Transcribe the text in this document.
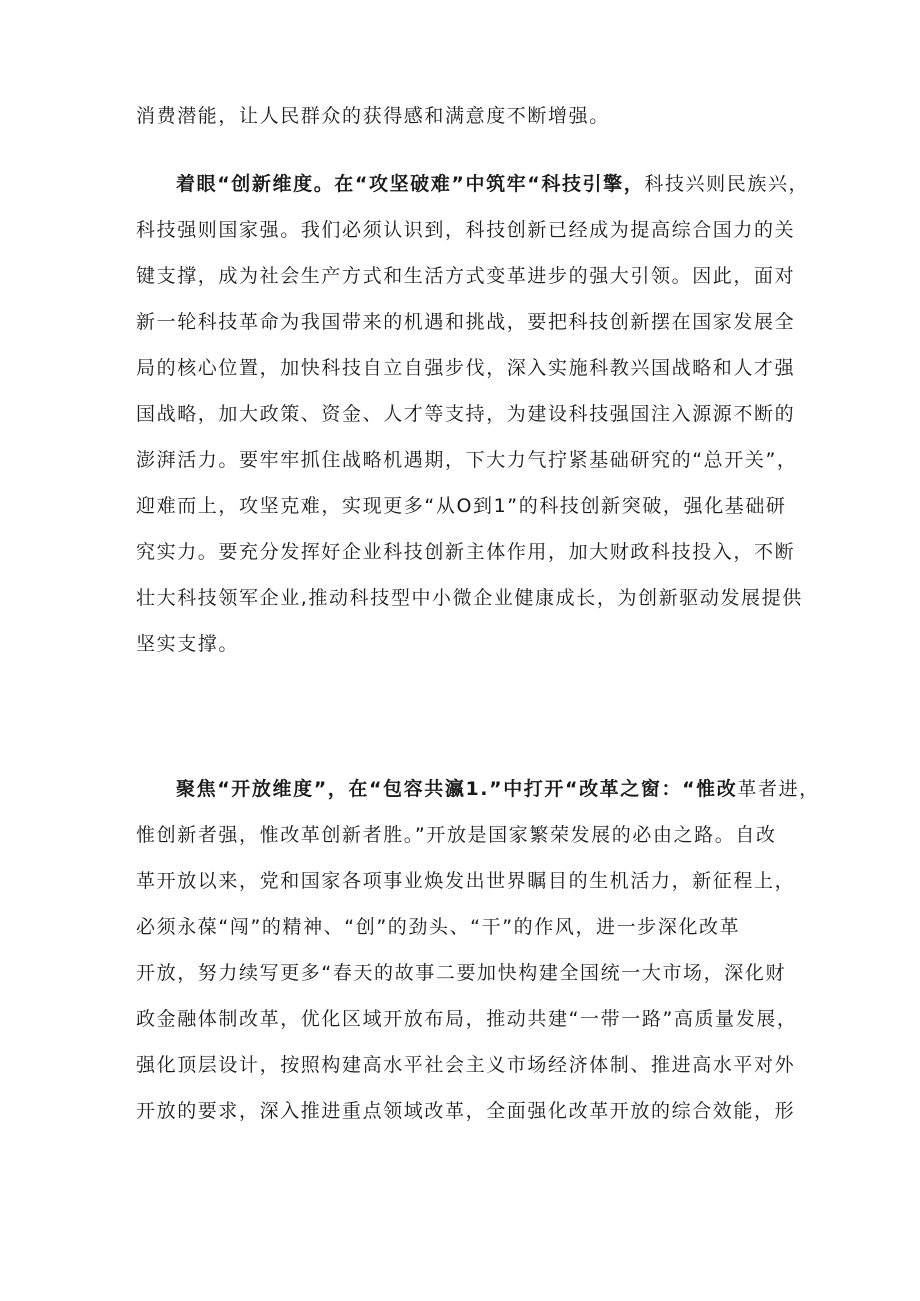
消费潜能，让人民群众的获得感和满意度不断增强。
着眼“创新维度。在“攻坚破难”中筑牢“科技引擎，科技兴则民族兴，
科技强则国家强。我们必须认识到，科技创新已经成为提高综合国力的关
键支撑，成为社会生产方式和生活方式变革进步的强大引领。因此，面对
新一轮科技革命为我国带来的机遇和挑战，要把科技创新摆在国家发展全
局的核心位置，加快科技自立自强步伐，深入实施科教兴国战略和人才强
国战略，加大政策、资金、人才等支持，为建设科技强国注入源源不断的
澎湃活力。要牢牢抓住战略机遇期，下大力气拧紧基础研究的“总开关”，
迎难而上，攻坚克难，实现更多“从O到1”的科技创新突破，强化基础研
究实力。要充分发挥好企业科技创新主体作用，加大财政科技投入，不断
壮大科技领军企业,推动科技型中小微企业健康成长，为创新驱动发展提供
坚实支撑。
聚焦“开放维度”，在“包容共瀛1.”中打开“改革之窗：“惟改革者进，
惟创新者强，惟改革创新者胜。”开放是国家繁荣发展的必由之路。自改
革开放以来，党和国家各项事业焕发出世界瞩目的生机活力，新征程上，
必须永葆“闯”的精神、“创”的劲头、“干”的作风，进一步深化改革
开放，努力续写更多“春天的故事二要加快构建全国统一大市场，深化财
政金融体制改革，优化区域开放布局，推动共建“一带一路”高质量发展，
强化顶层设计，按照构建高水平社会主义市场经济体制、推进高水平对外
开放的要求，深入推进重点领域改革，全面强化改革开放的综合效能，形
